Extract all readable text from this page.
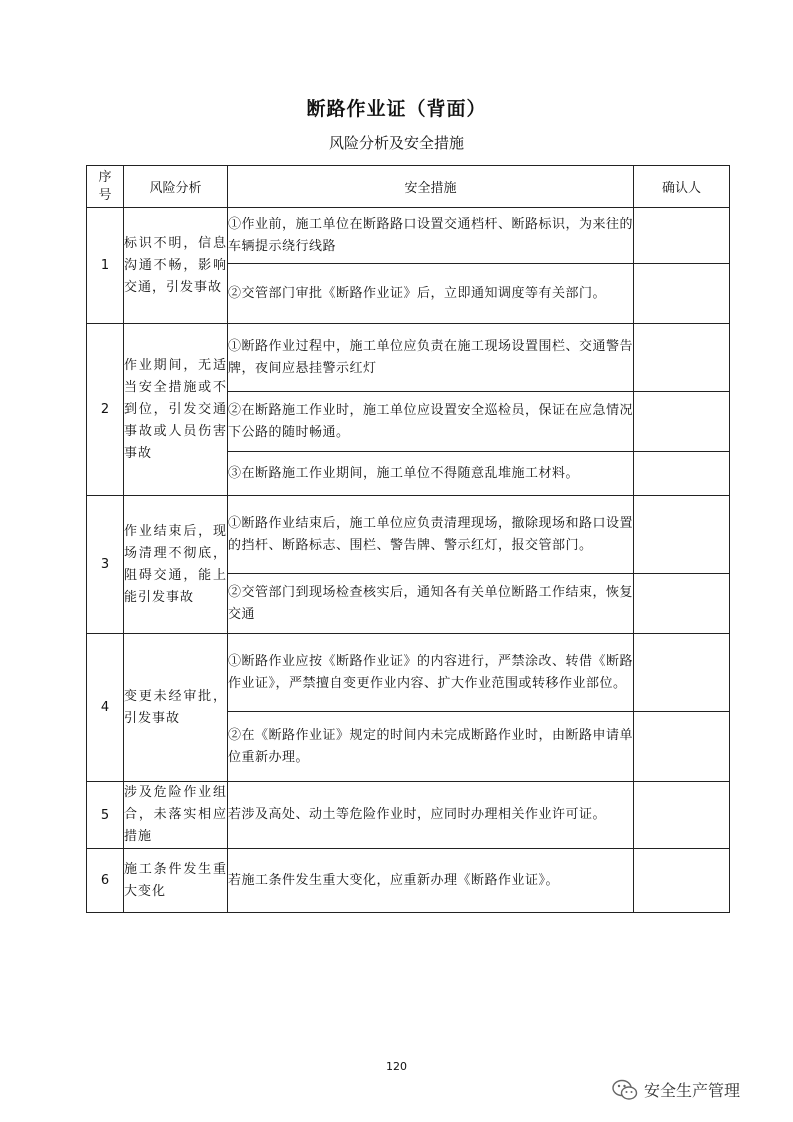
断路作业证（背面）
风险分析及安全措施
序号	风险分析	安全措施	确认人
1	标识不明，信息沟通不畅，影响交通，引发事故	①作业前，施工单位在断路路口设置交通档杆、断路标识，为来往的车辆提示绕行线路	
		②交管部门审批《断路作业证》后，立即通知调度等有关部门。	
2	作业期间，无适当安全措施或不到位，引发交通事故或人员伤害事故	①断路作业过程中，施工单位应负责在施工现场设置围栏、交通警告牌，夜间应悬挂警示红灯	
		②在断路施工作业时，施工单位应设置安全巡检员，保证在应急情况下公路的随时畅通。	
		③在断路施工作业期间，施工单位不得随意乱堆施工材料。	
3	作业结束后，现场清理不彻底，阻碍交通，能上能引发事故	①断路作业结束后，施工单位应负责清理现场，撤除现场和路口设置的挡杆、断路标志、围栏、警告牌、警示红灯，报交管部门。	
		②交管部门到现场检查核实后，通知各有关单位断路工作结束，恢复交通	
4	变更未经审批，引发事故	①断路作业应按《断路作业证》的内容进行，严禁涂改、转借《断路作业证》，严禁擅自变更作业内容、扩大作业范围或转移作业部位。	
		②在《断路作业证》规定的时间内未完成断路作业时，由断路申请单位重新办理。	
5	涉及危险作业组合，未落实相应措施	若涉及高处、动土等危险作业时，应同时办理相关作业许可证。	
6	施工条件发生重大变化	若施工条件发生重大变化，应重新办理《断路作业证》。	
120
安全生产管理
